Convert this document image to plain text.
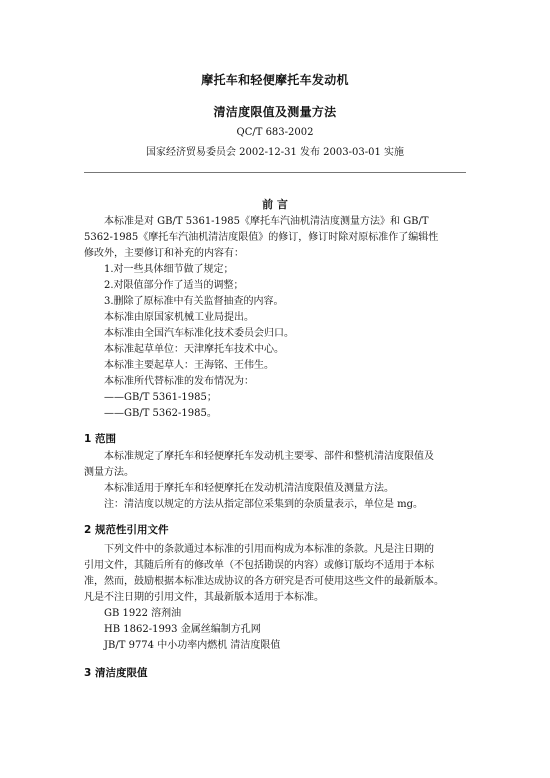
摩托车和轻便摩托车发动机
清洁度限值及测量方法
QC/T 683-2002
国家经济贸易委员会 2002-12-31 发布 2003-03-01 实施
前 言
本标准是对 GB/T 5361-1985《摩托车汽油机清洁度测量方法》和 GB/T
5362-1985《摩托车汽油机清洁度限值》的修订，修订时除对原标准作了编辑性
修改外，主要修订和补充的内容有：
1.对一些具体细节做了规定；
2.对限值部分作了适当的调整；
3.删除了原标准中有关监督抽查的内容。
本标准由原国家机械工业局提出。
本标准由全国汽车标准化技术委员会归口。
本标准起草单位：天津摩托车技术中心。
本标准主要起草人：王海铭、王伟生。
本标准所代替标准的发布情况为：
——GB/T 5361-1985；
——GB/T 5362-1985。
1 范围
本标准规定了摩托车和轻便摩托车发动机主要零、部件和整机清洁度限值及
测量方法。
本标准适用于摩托车和轻便摩托在发动机清洁度限值及测量方法。
注：清洁度以规定的方法从指定部位采集到的杂质量表示，单位是 mg。
2 规范性引用文件
下列文件中的条款通过本标准的引用而构成为本标准的条款。凡是注日期的
引用文件，其随后所有的修改单（不包括勘误的内容）或修订版均不适用于本标
准，然而，鼓励根据本标准达成协议的各方研究是否可使用这些文件的最新版本。
凡是不注日期的引用文件，其最新版本适用于本标准。
GB 1922 溶剂油
HB 1862-1993 金属丝编制方孔网
JB/T 9774 中小功率内燃机 清洁度限值
3 清洁度限值
